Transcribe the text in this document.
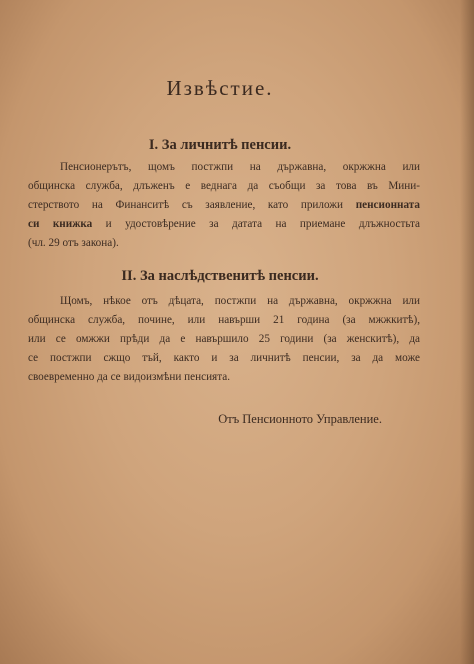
Извѣстие.
I. За личнитѣ пенсии.
Пенсионерътъ, щомъ постжпи на държавна, окржжна или
общинска служба, длъженъ е веднага да съобщи за това въ Мини-
стерството на Финанситѣ съ заявление, като приложи пенсионната
си книжка и удостовѣрение за датата на приемане длъжностьта
(чл. 29 отъ закона).
II. За наслѣдственитѣ пенсии.
Щомъ, нѣкое отъ дѣцата, постжпи на държавна, окржжна или
общинска служба, почине, или навърши 21 година (за мжжкитѣ),
или се омжжи прѣди да е навършило 25 години (за женскитѣ), да
се постжпи сжщо тъй, както и за личнитѣ пенсии, за да може
своевременно да се видоизмѣни пенсията.
Отъ Пенсионното Управление.
